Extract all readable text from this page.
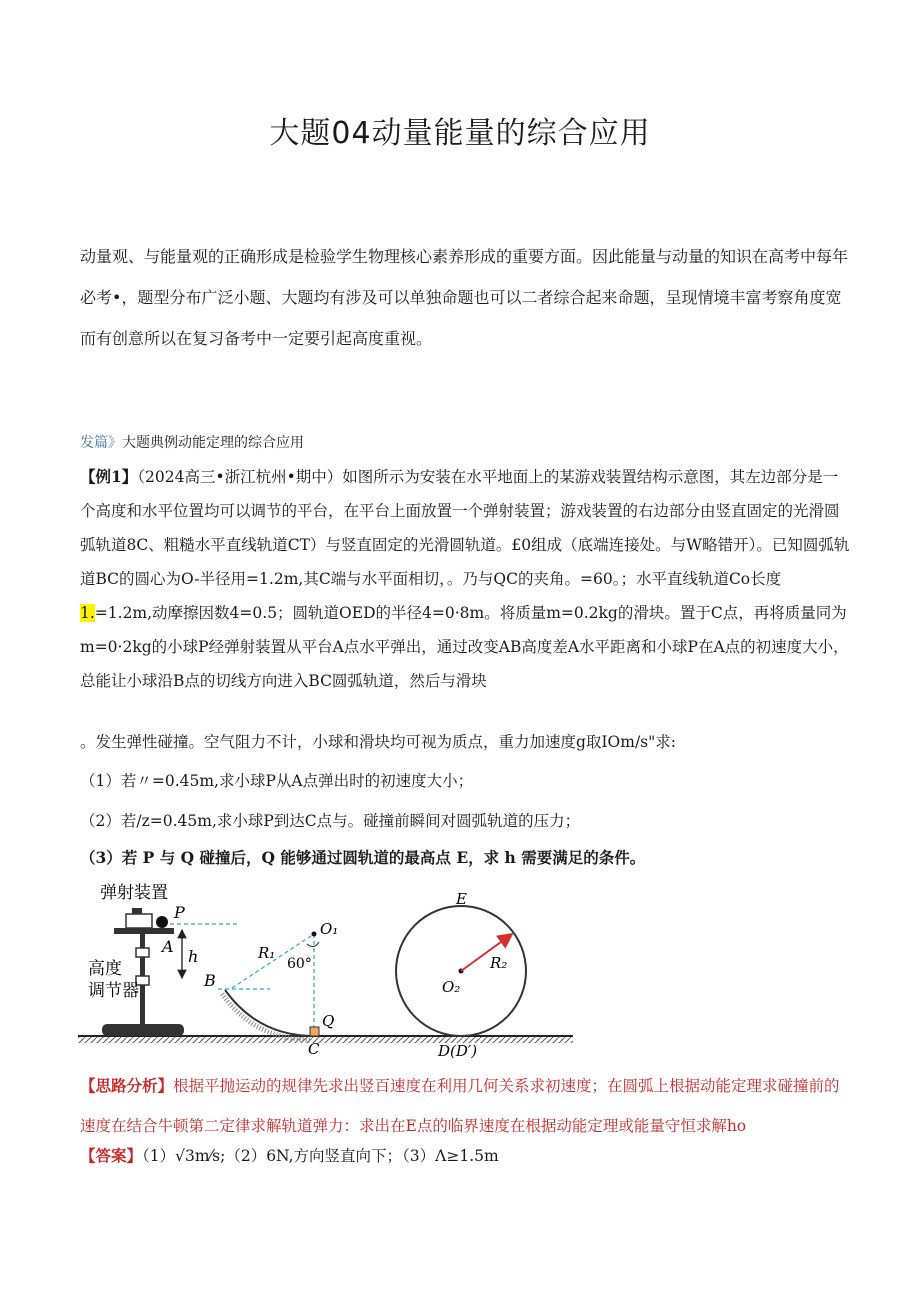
大题04动量能量的综合应用
动量观、与能量观的正确形成是检验学生物理核心素养形成的重要方面。因此能量与动量的知识在高考中每年必考•，题型分布广泛小题、大题均有涉及可以单独命题也可以二者综合起来命题，呈现情境丰富考察角度宽而有创意所以在复习备考中一定要引起高度重视。
发篇》大题典例动能定理的综合应用
【例1】（2024高三•浙江杭州•期中）如图所示为安装在水平地面上的某游戏装置结构示意图，其左边部分是一个高度和水平位置均可以调节的平台，在平台上面放置一个弹射装置；游戏装置的右边部分由竖直固定的光滑圆弧轨道8C、粗糙水平直线轨道CT）与竖直固定的光滑圆轨道。£0组成（底端连接处。与W略错开）。已知圆弧轨道BC的圆心为O-半径用=1.2m,其C端与水平面相切，。乃与QC的夹角。=60。；水平直线轨道Co长度1.=1.2m,动摩擦因数4=0.5；圆轨道OED的半径4=0·8m。将质量m=0.2kg的滑块。置于C点，再将质量同为m=0·2kg的小球P经弹射装置从平台A点水平弹出，通过改变AB高度差A水平距离和小球P在A点的初速度大小，总能让小球沿B点的切线方向进入BC圆弧轨道，然后与滑块
。发生弹性碰撞。空气阻力不计，小球和滑块均可视为质点，重力加速度g取IOm/s"求:
（1）若〃=0.45m,求小球P从A点弹出时的初速度大小；
（2）若/z=0.45m,求小球P到达C点与。碰撞前瞬间对圆弧轨道的压力；
（3）若 P 与 Q 碰撞后，Q 能够通过圆轨道的最高点 E，求 h 需要满足的条件。
弹射装置
高度
调节器
P
A
h
B
R₁
O₁
60°
Q
C
E
R₂
O₂
D(D′)
【思路分析】根据平抛运动的规律先求出竖百速度在利用几何关系求初速度；在圆弧上根据动能定理求碰撞前的速度在结合牛顿第二定律求解轨道弹力：求出在E点的临界速度在根据动能定理或能量守恒求解ho
【答案】（1）√3m⁄s;（2）6N,方向竖直向下；（3）Λ≥1.5m
